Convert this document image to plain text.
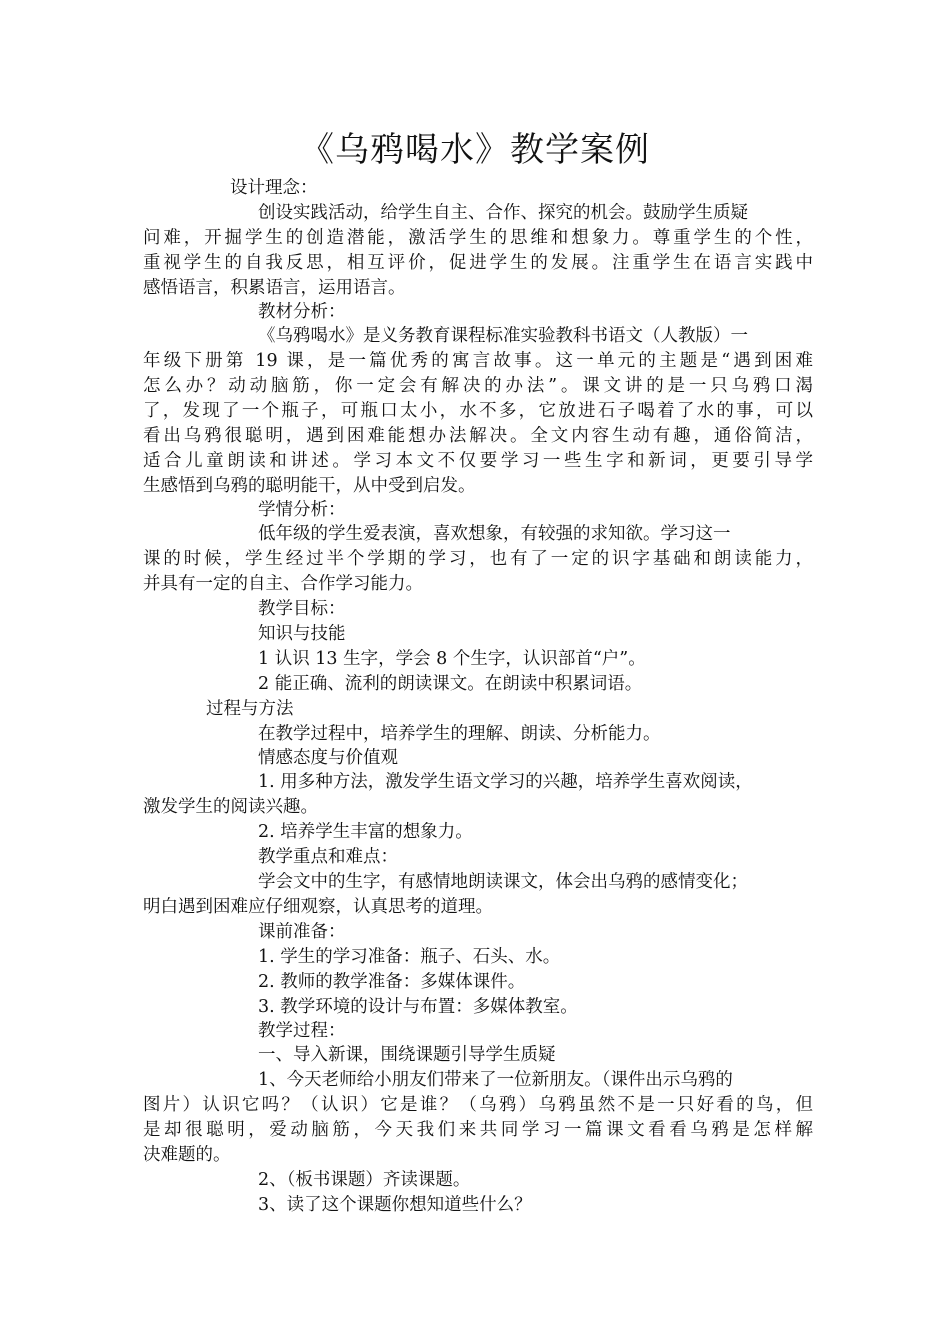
《乌鸦喝水》教学案例
设计理念：
创设实践活动，给学生自主、合作、探究的机会。鼓励学生质疑
问难，开掘学生的创造潜能，激活学生的思维和想象力。尊重学生的个性，
重视学生的自我反思，相互评价，促进学生的发展。注重学生在语言实践中
感悟语言，积累语言，运用语言。
教材分析：
《乌鸦喝水》是义务教育课程标准实验教科书语文（人教版）一
年级下册第 19 课，是一篇优秀的寓言故事。这一单元的主题是“遇到困难
怎么办？动动脑筋，你一定会有解决的办法”。课文讲的是一只乌鸦口渴
了，发现了一个瓶子，可瓶口太小，水不多，它放进石子喝着了水的事，可以
看出乌鸦很聪明，遇到困难能想办法解决。全文内容生动有趣，通俗简洁，
适合儿童朗读和讲述。学习本文不仅要学习一些生字和新词，更要引导学
生感悟到乌鸦的聪明能干，从中受到启发。
学情分析：
低年级的学生爱表演，喜欢想象，有较强的求知欲。学习这一
课的时候，学生经过半个学期的学习，也有了一定的识字基础和朗读能力，
并具有一定的自主、合作学习能力。
教学目标：
知识与技能
1 认识 13 生字，学会 8 个生字，认识部首“户”。
2 能正确、流利的朗读课文。在朗读中积累词语。
过程与方法
在教学过程中，培养学生的理解、朗读、分析能力。
情感态度与价值观
1. 用多种方法，激发学生语文学习的兴趣，培养学生喜欢阅读，
激发学生的阅读兴趣。
2. 培养学生丰富的想象力。
教学重点和难点：
学会文中的生字，有感情地朗读课文，体会出乌鸦的感情变化；
明白遇到困难应仔细观察，认真思考的道理。
课前准备：
1. 学生的学习准备：瓶子、石头、水。
2. 教师的教学准备：多媒体课件。
3. 教学环境的设计与布置：多媒体教室。
教学过程：
一、导入新课，围绕课题引导学生质疑
1、今天老师给小朋友们带来了一位新朋友。（课件出示乌鸦的
图片）认识它吗？（认识）它是谁？（乌鸦）乌鸦虽然不是一只好看的鸟，但
是却很聪明，爱动脑筋，今天我们来共同学习一篇课文看看乌鸦是怎样解
决难题的。
2、（板书课题）齐读课题。
3、读了这个课题你想知道些什么？
